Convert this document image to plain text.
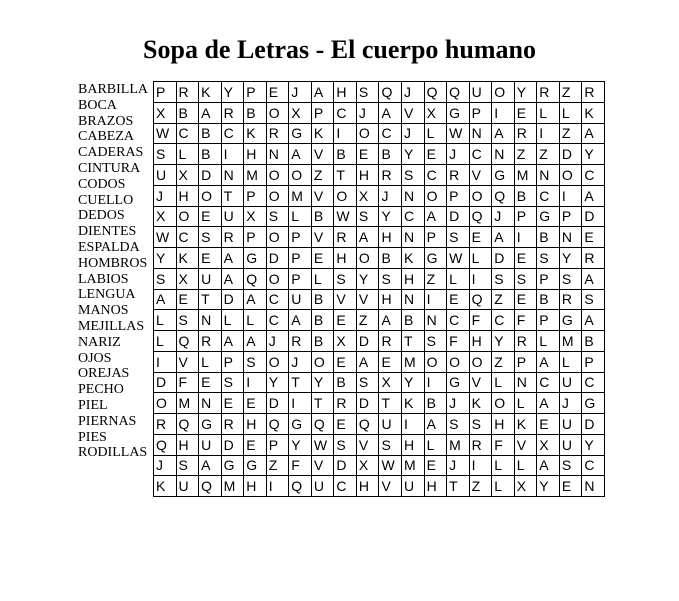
Sopa de Letras - El cuerpo humano
BARBILLA
BOCA
BRAZOS
CABEZA
CADERAS
CINTURA
CODOS
CUELLO
DEDOS
DIENTES
ESPALDA
HOMBROS
LABIOS
LENGUA
MANOS
MEJILLAS
NARIZ
OJOS
OREJAS
PECHO
PIEL
PIERNAS
PIES
RODILLAS
P	R	K	Y	P	E	J	A	H	S	Q	J	Q	Q	U	O	Y	R	Z	R
X	B	A	R	B	O	X	P	C	J	A	V	X	G	P	I	E	L	L	K
W	C	B	C	K	R	G	K	I	O	C	J	L	W	N	A	R	I	Z	A
S	L	B	I	H	N	A	V	B	E	B	Y	E	J	C	N	Z	Z	D	Y
U	X	D	N	M	O	O	Z	T	H	R	S	C	R	V	G	M	N	O	C
J	H	O	T	P	O	M	V	O	X	J	N	O	P	O	Q	B	C	I	A
X	O	E	U	X	S	L	B	W	S	Y	C	A	D	Q	J	P	G	P	D
W	C	S	R	P	O	P	V	R	A	H	N	P	S	E	A	I	B	N	E
Y	K	E	A	G	D	P	E	H	O	B	K	G	W	L	D	E	S	Y	R
S	X	U	A	Q	O	P	L	S	Y	S	H	Z	L	I	S	S	P	S	A
A	E	T	D	A	C	U	B	V	V	H	N	I	E	Q	Z	E	B	R	S
L	S	N	L	L	C	A	B	E	Z	A	B	N	C	F	C	F	P	G	A
L	Q	R	A	A	J	R	B	X	D	R	T	S	F	H	Y	R	L	M	B
I	V	L	P	S	O	J	O	E	A	E	M	O	O	O	Z	P	A	L	P
D	F	E	S	I	Y	T	Y	B	S	X	Y	I	G	V	L	N	C	U	C
O	M	N	E	E	D	I	T	R	D	T	K	B	J	K	O	L	A	J	G
R	Q	G	R	H	Q	G	Q	E	Q	U	I	A	S	S	H	K	E	U	D
Q	H	U	D	E	P	Y	W	S	V	S	H	L	M	R	F	V	X	U	Y
J	S	A	G	G	Z	F	V	D	X	W	M	E	J	I	L	L	A	S	C
K	U	Q	M	H	I	Q	U	C	H	V	U	H	T	Z	L	X	Y	E	N
